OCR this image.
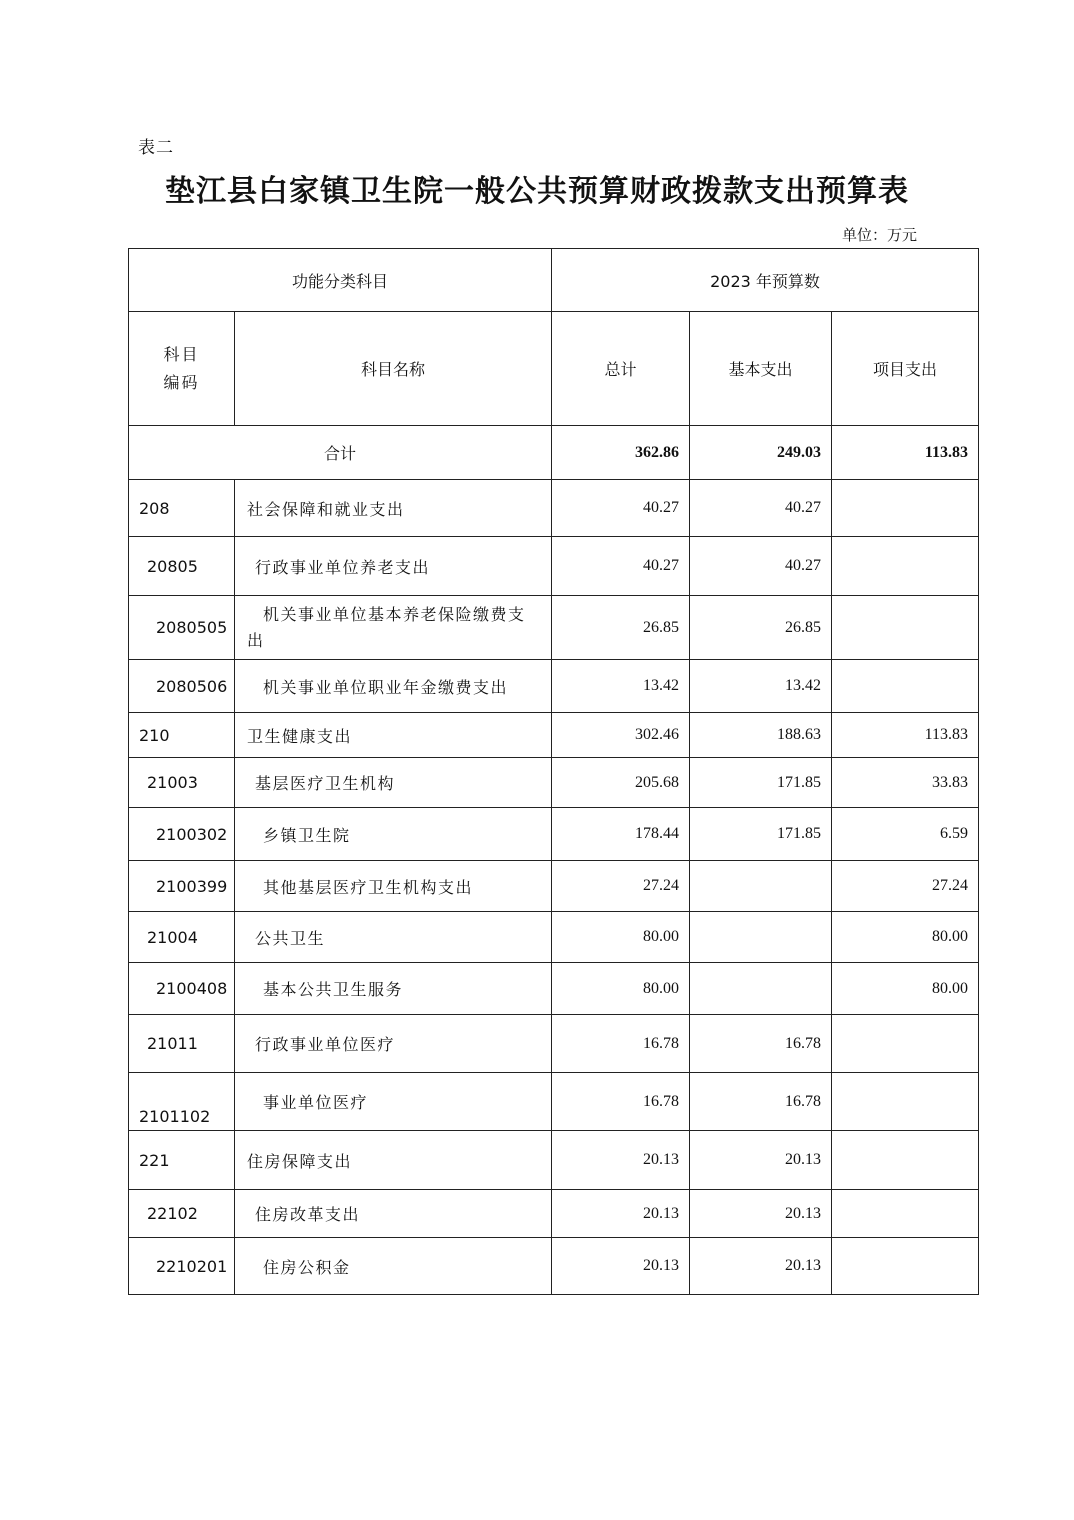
表二
垫江县白家镇卫生院一般公共预算财政拨款支出预算表
单位：万元
功能分类科目		2023 年预算数		

科目编码	科目名称	总计	基本支出	项目支出
合计		362.86	249.03	113.83
208	社会保障和就业支出	40.27	40.27	
20805	行政事业单位养老支出	40.27	40.27	
2080505	机关事业单位基本养老保险缴费支出	26.85	26.85	
2080506	机关事业单位职业年金缴费支出	13.42	13.42	
210	卫生健康支出	302.46	188.63	113.83
21003	基层医疗卫生机构	205.68	171.85	33.83
2100302	乡镇卫生院	178.44	171.85	6.59
2100399	其他基层医疗卫生机构支出	27.24		27.24
21004	公共卫生	80.00		80.00
2100408	基本公共卫生服务	80.00		80.00
21011	行政事业单位医疗	16.78	16.78	
2101102	事业单位医疗	16.78	16.78	
221	住房保障支出	20.13	20.13	
22102	住房改革支出	20.13	20.13	
2210201	住房公积金	20.13	20.13	
